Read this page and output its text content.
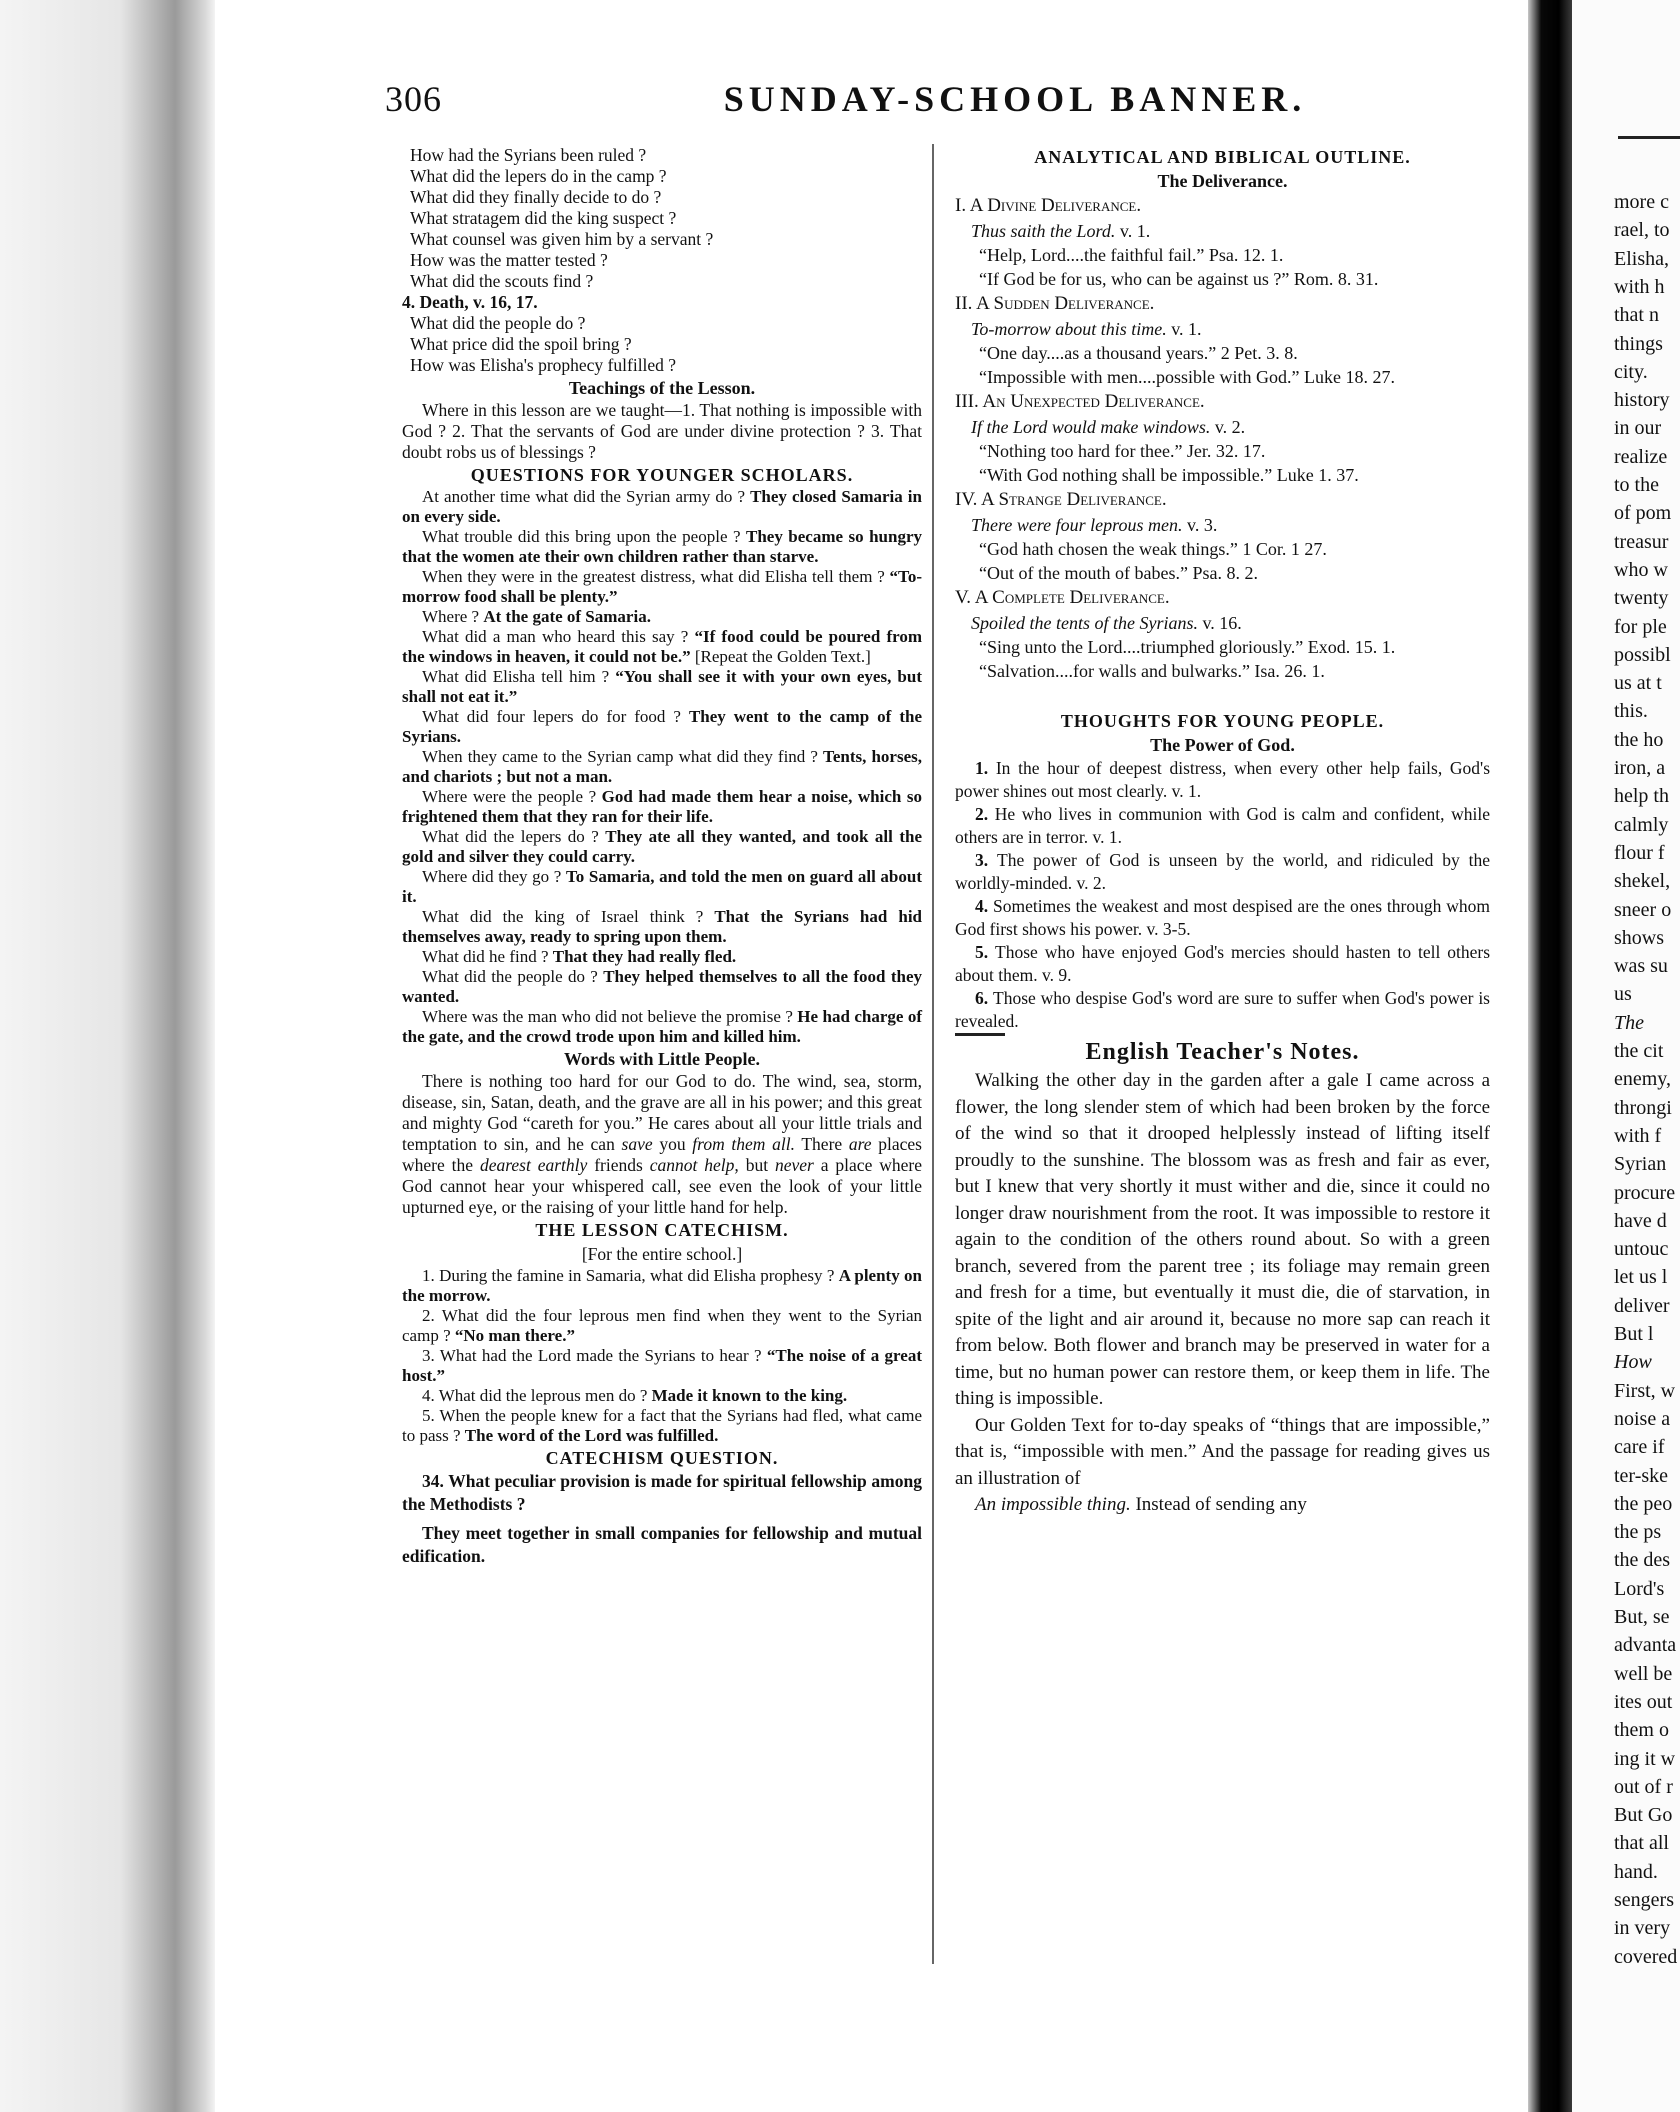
306	SUNDAY-SCHOOL BANNER.
How had the Syrians been ruled ?
What did the lepers do in the camp ?
What did they finally decide to do ?
What stratagem did the king suspect ?
What counsel was given him by a servant ?
How was the matter tested ?
What did the scouts find ?
4. Death, v. 16, 17.
What did the people do ?
What price did the spoil bring ?
How was Elisha's prophecy fulfilled ?
Teachings of the Lesson.

Where in this lesson are we taught—1. That nothing is impossible with God ? 2. That the servants of God are under divine protection ? 3. That doubt robs us of blessings ?

QUESTIONS FOR YOUNGER SCHOLARS.

At another time what did the Syrian army do ? They closed Samaria in on every side.

What trouble did this bring upon the people ? They became so hungry that the women ate their own children rather than starve.

When they were in the greatest distress, what did Elisha tell them ? “To-morrow food shall be plenty.”

Where ? At the gate of Samaria.

What did a man who heard this say ? “If food could be poured from the windows in heaven, it could not be.” [Repeat the Golden Text.]

What did Elisha tell him ? “You shall see it with your own eyes, but shall not eat it.”

What did four lepers do for food ? They went to the camp of the Syrians.

When they came to the Syrian camp what did they find ? Tents, horses, and chariots ; but not a man.

Where were the people ? God had made them hear a noise, which so frightened them that they ran for their life.

What did the lepers do ? They ate all they wanted, and took all the gold and silver they could carry.

Where did they go ? To Samaria, and told the men on guard all about it.

What did the king of Israel think ? That the Syrians had hid themselves away, ready to spring upon them.

What did he find ? That they had really fled.

What did the people do ? They helped themselves to all the food they wanted.

Where was the man who did not believe the promise ? He had charge of the gate, and the crowd trode upon him and killed him.

Words with Little People.

There is nothing too hard for our God to do. The wind, sea, storm, disease, sin, Satan, death, and the grave are all in his power; and this great and mighty God “careth for you.” He cares about all your little trials and temptation to sin, and he can save you from them all. There are places where the dearest earthly friends cannot help, but never a place where God cannot hear your whispered call, see even the look of your little upturned eye, or the raising of your little hand for help.

THE LESSON CATECHISM.
[For the entire school.]

1. During the famine in Samaria, what did Elisha prophesy ? A plenty on the morrow.

2. What did the four leprous men find when they went to the Syrian camp ? “No man there.”

3. What had the Lord made the Syrians to hear ? “The noise of a great host.”

4. What did the leprous men do ? Made it known to the king.

5. When the people knew for a fact that the Syrians had fled, what came to pass ? The word of the Lord was fulfilled.

CATECHISM QUESTION.

34. What peculiar provision is made for spiritual fellowship among the Methodists ?

They meet together in small companies for fellowship and mutual edification.

ANALYTICAL AND BIBLICAL OUTLINE.
The Deliverance.
I. A Divine Deliverance.
Thus saith the Lord. v. 1.
“Help, Lord....the faithful fail.” Psa. 12. 1.
“If God be for us, who can be against us ?” Rom. 8. 31.
II. A Sudden Deliverance.
To-morrow about this time. v. 1.
“One day....as a thousand years.” 2 Pet. 3. 8.
“Impossible with men....possible with God.” Luke 18. 27.
III. An Unexpected Deliverance.
If the Lord would make windows. v. 2.
“Nothing too hard for thee.” Jer. 32. 17.
“With God nothing shall be impossible.” Luke 1. 37.
IV. A Strange Deliverance.
There were four leprous men. v. 3.
“God hath chosen the weak things.” 1 Cor. 1 27.
“Out of the mouth of babes.” Psa. 8. 2.
V. A Complete Deliverance.
Spoiled the tents of the Syrians. v. 16.
“Sing unto the Lord....triumphed gloriously.” Exod. 15. 1.
“Salvation....for walls and bulwarks.” Isa. 26. 1.
THOUGHTS FOR YOUNG PEOPLE.
The Power of God.

1. In the hour of deepest distress, when every other help fails, God's power shines out most clearly. v. 1.

2. He who lives in communion with God is calm and confident, while others are in terror. v. 1.

3. The power of God is unseen by the world, and ridiculed by the worldly-minded. v. 2.

4. Sometimes the weakest and most despised are the ones through whom God first shows his power. v. 3-5.

5. Those who have enjoyed God's mercies should hasten to tell others about them. v. 9.

6. Those who despise God's word are sure to suffer when God's power is revealed.

English Teacher's Notes.

Walking the other day in the garden after a gale I came across a flower, the long slender stem of which had been broken by the force of the wind so that it drooped helplessly instead of lifting itself proudly to the sunshine. The blossom was as fresh and fair as ever, but I knew that very shortly it must wither and die, since it could no longer draw nourishment from the root. It was impossible to restore it again to the condition of the others round about. So with a green branch, severed from the parent tree ; its foliage may remain green and fresh for a time, but eventually it must die, die of starvation, in spite of the light and air around it, because no more sap can reach it from below. Both flower and branch may be preserved in water for a time, but no human power can restore them, or keep them in life. The thing is impossible.

Our Golden Text for to-day speaks of “things that are impossible,” that is, “impossible with men.” And the passage for reading gives us an illustration of

An impossible thing. Instead of sending any

more c
rael, to
Elisha,
with h
that n
things
city.
history
in our
realize
to the
of pom
treasur
who w
twenty
for ple
possibl
us at t
this.
the ho
iron, a
help th
calmly
flour f
shekel,
sneer o
shows
was su
us
The
the cit
enemy,
throngi
with f
Syrian
procure
have d
untouc
let us l
deliver
But l
How
First, w
noise a
care if
ter-ske
the peo
the ps
the des
Lord's
But, se
advanta
well be
ites out
them o
ing it w
out of r
But Go
that all
hand.
sengers
in very
covered
